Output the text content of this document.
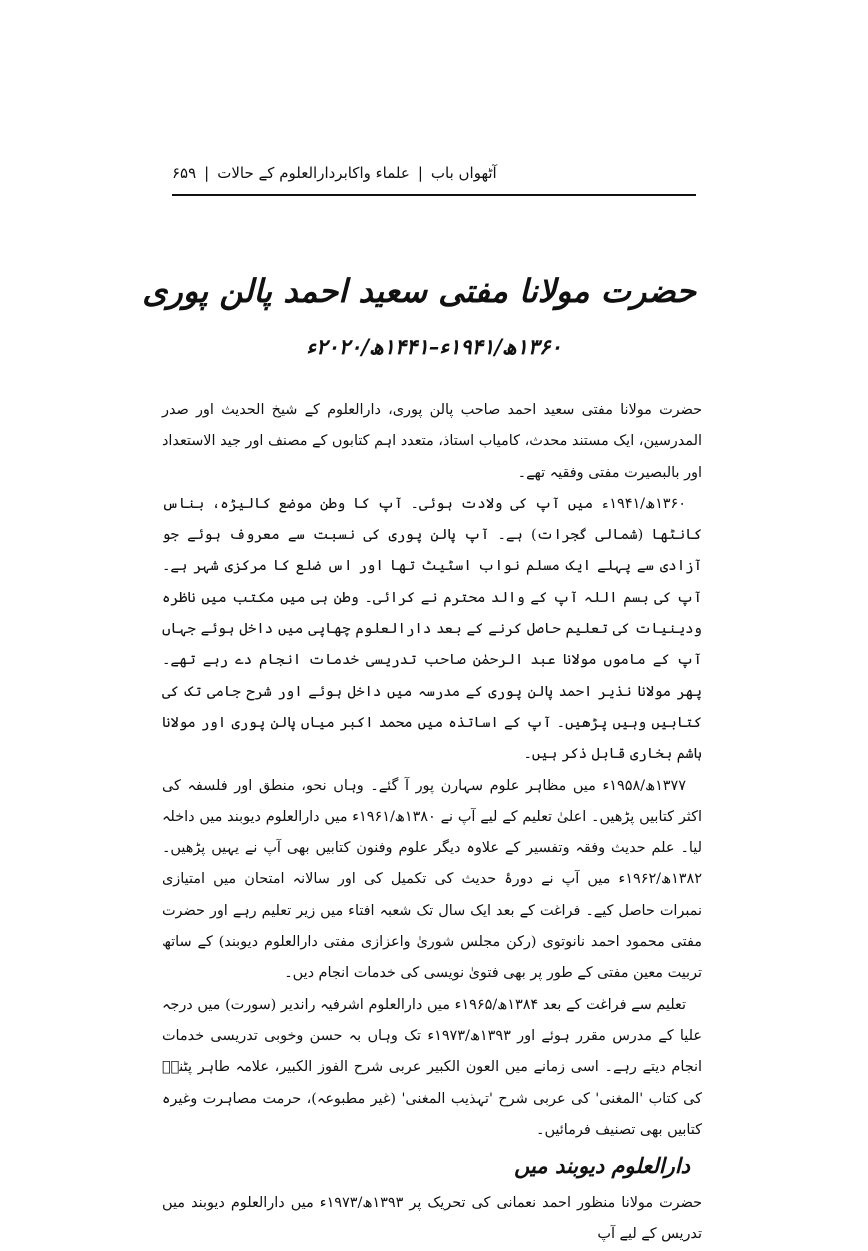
آٹھواں باب
|
علماء واکابردارالعلوم کے حالات
|
۶۵۹
حضرت مولانا مفتی سعید احمد پالن پوری
۱۳۶۰ھ/۱۹۴۱ء–۱۴۴۱ھ/۲۰۲۰ء

حضرت مولانا مفتی سعید احمد صاحب پالن پوری، دارالعلوم کے شیخ الحدیث اور صدر المدرسین، ایک مستند محدث، کامیاب استاذ، متعدد اہم کتابوں کے مصنف اور جید الاستعداد اور بالبصیرت مفتی وفقیہ تھے۔

۱۳۶۰ھ/۱۹۴۱ء میں آپ کی ولادت ہوئی۔ آپ کا وطن موضع کالیڑہ، بناس کانٹھا (شمالی گجرات) ہے۔ آپ پالن پوری کی نسبت سے معروف ہوئے جو آزادی سے پہلے ایک مسلم نواب اسٹیٹ تھا اور اس ضلع کا مرکزی شہر ہے۔ آپ کی بسم اللہ آپ کے والد محترم نے کرائی۔ وطن ہی میں مکتب میں ناظرہ ودینیات کی تعلیم حاصل کرنے کے بعد دارالعلوم چھاپی میں داخل ہوئے جہاں آپ کے ماموں مولانا عبد الرحمٰن صاحب تدریسی خدمات انجام دے رہے تھے۔ پھر مولانا نذیر احمد پالن پوری کے مدرسہ میں داخل ہوئے اور شرح جامی تک کی کتابیں وہیں پڑھیں۔ آپ کے اساتذہ میں محمد اکبر میاں پالن پوری اور مولانا ہاشم بخاری قابل ذکر ہیں۔

۱۳۷۷ھ/۱۹۵۸ء میں مظاہر علوم سہارن پور آ گئے۔ وہاں نحو، منطق اور فلسفہ کی اکثر کتابیں پڑھیں۔ اعلیٰ تعلیم کے لیے آپ نے ۱۳۸۰ھ/۱۹۶۱ء میں دارالعلوم دیوبند میں داخلہ لیا۔ علم حدیث وفقہ وتفسیر کے علاوہ دیگر علوم وفنون کتابیں بھی آپ نے یہیں پڑھیں۔ ۱۳۸۲ھ/۱۹۶۲ء میں آپ نے دورۂ حدیث کی تکمیل کی اور سالانہ امتحان میں امتیازی نمبرات حاصل کیے۔ فراغت کے بعد ایک سال تک شعبہ افتاء میں زیر تعلیم رہے اور حضرت مفتی محمود احمد نانوتوی (رکن مجلس شوریٰ واعزازی مفتی دارالعلوم دیوبند) کے ساتھ تربیت معین مفتی کے طور پر بھی فتویٰ نویسی کی خدمات انجام دیں۔

تعلیم سے فراغت کے بعد ۱۳۸۴ھ/۱۹۶۵ء میں دارالعلوم اشرفیہ راندیر (سورت) میں درجہ علیا کے مدرس مقرر ہوئے اور ۱۳۹۳ھ/۱۹۷۳ء تک وہاں بہ حسن وخوبی تدریسی خدمات انجام دیتے رہے۔ اسی زمانے میں العون الکبیر عربی شرح الفوز الکبیر، علامہ طاہر پٹنیؒ کی کتاب 'المغنی' کی عربی شرح 'تہذیب المغنی' (غیر مطبوعہ)، حرمت مصاہرت وغیرہ کتابیں بھی تصنیف فرمائیں۔

دارالعلوم دیوبند میں

حضرت مولانا منظور احمد نعمانی کی تحریک پر ۱۳۹۳ھ/۱۹۷۳ء میں دارالعلوم دیوبند میں تدریس کے لیے آپ
